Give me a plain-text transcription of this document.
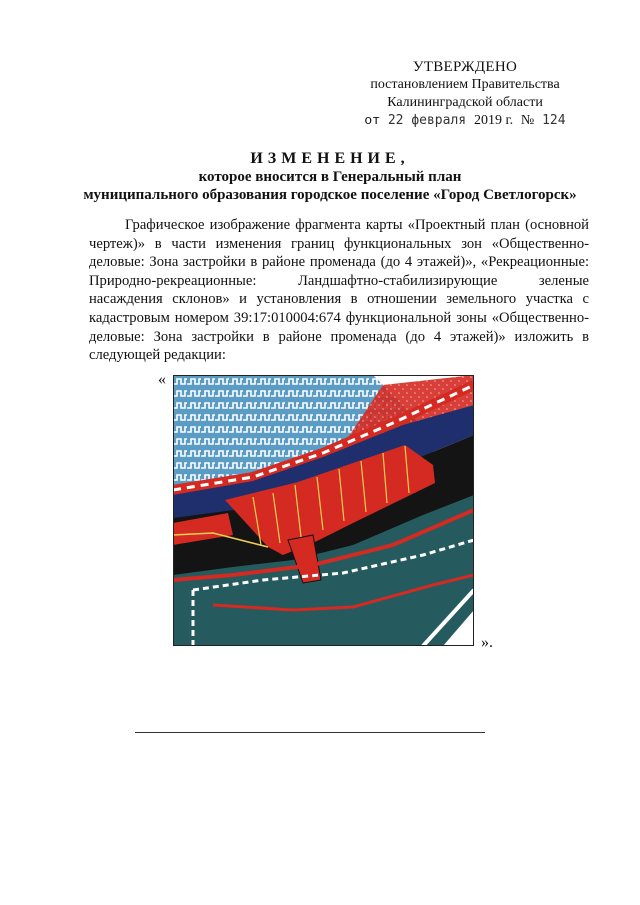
УТВЕРЖДЕНО
постановлением Правительства
Калининградской области
от 22 февраля 2019 г. № 124
ИЗМЕНЕНИЕ,
которое вносится в Генеральный план
муниципального образования городское поселение «Город Светлогорск»

Графическое изображение фрагмента карты «Проектный план (основной чертеж)» в части изменения границ функциональных зон «Общественно-деловые: Зона застройки в районе променада (до 4 этажей)», «Рекреационные: Природно-рекреационные: Ландшафтно-стабилизирующие зеленые насаждения склонов» и установления в отношении земельного участка с кадастровым номером 39:17:010004:674 функциональной зоны «Общественно-деловые: Зона застройки в районе променада (до 4 этажей)» изложить в следующей редакции:

«
».
